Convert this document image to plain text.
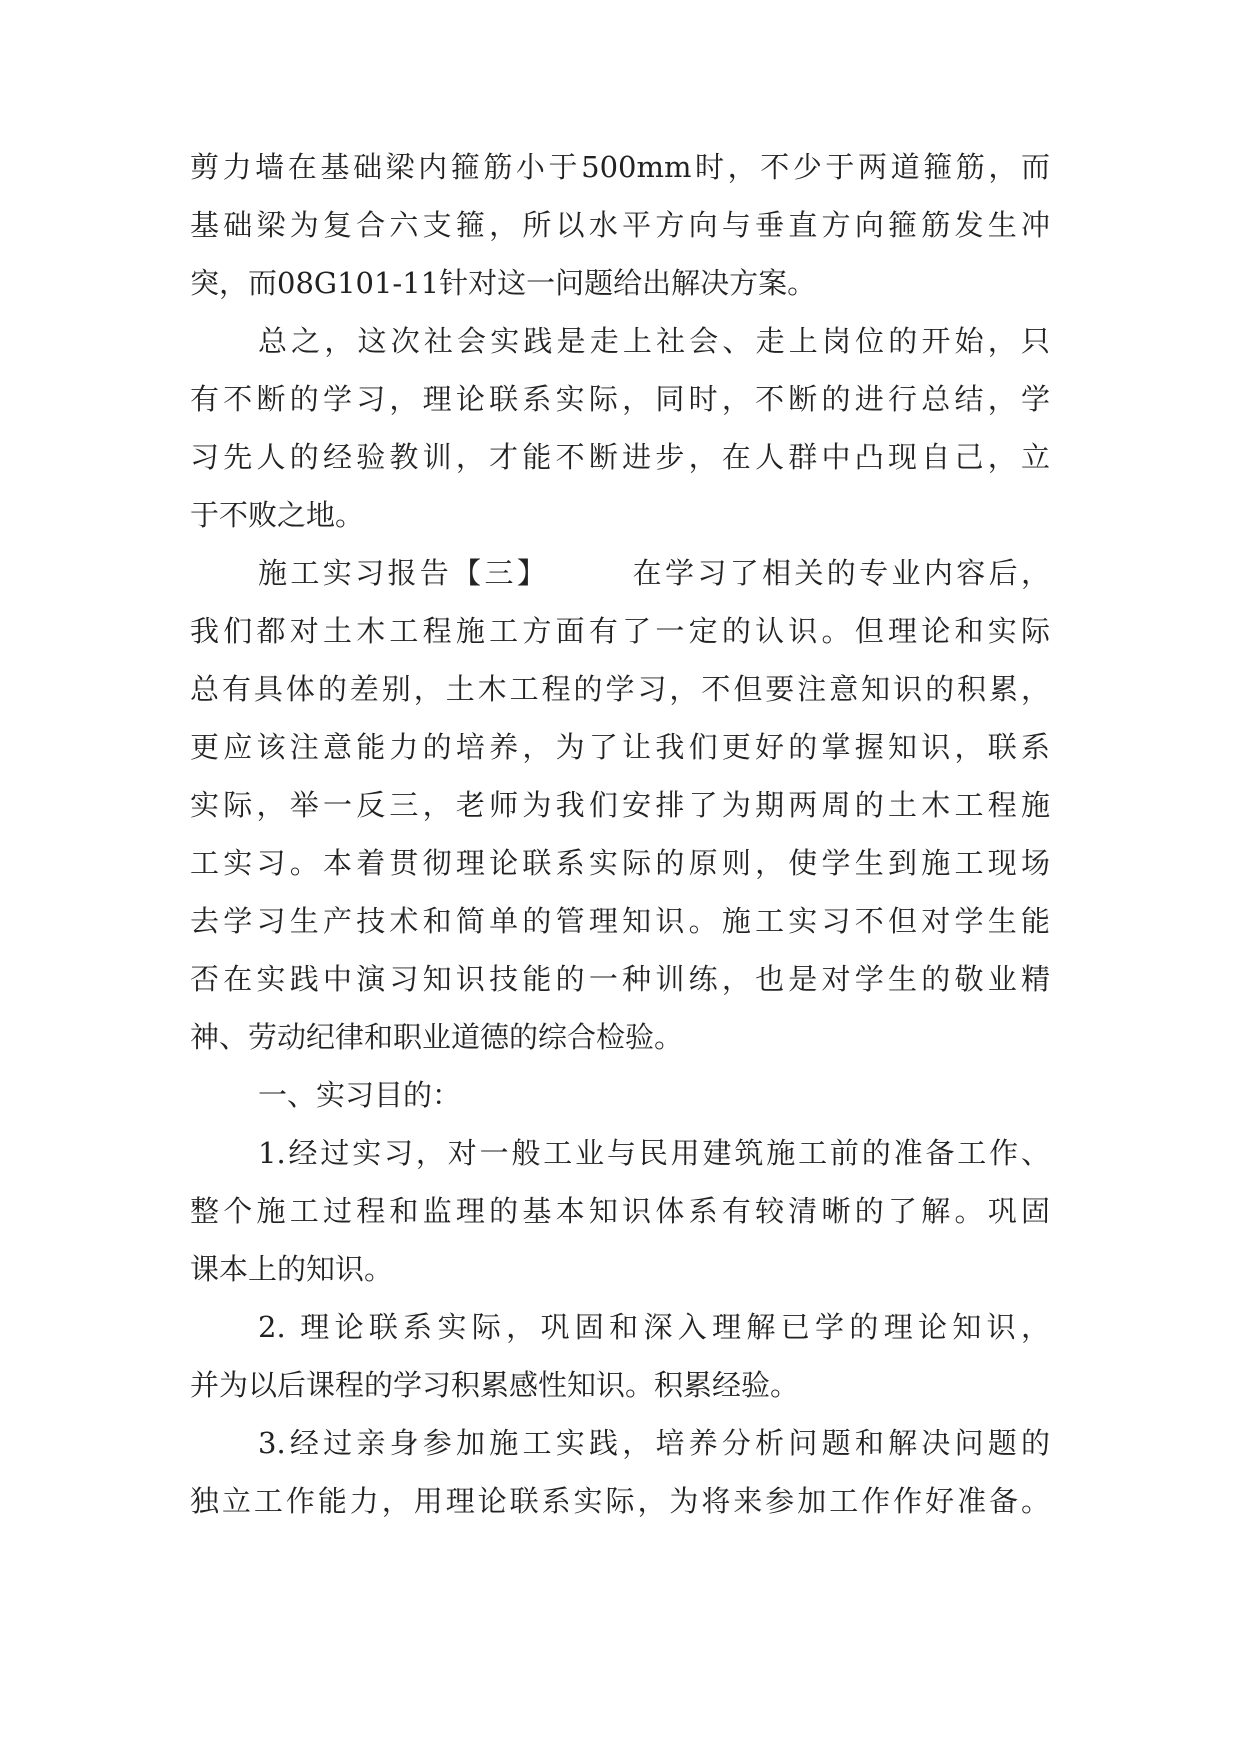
剪力墙在基础梁内箍筋小于500mm时，不少于两道箍筋，而
基础梁为复合六支箍，所以水平方向与垂直方向箍筋发生冲
突，而08G101-11针对这一问题给出解决方案。
总之，这次社会实践是走上社会、走上岗位的开始，只
有不断的学习，理论联系实际，同时，不断的进行总结，学
习先人的经验教训，才能不断进步，在人群中凸现自己，立
于不败之地。
施工实习报告【三】	在学习了相关的专业内容后，
我们都对土木工程施工方面有了一定的认识。但理论和实际
总有具体的差别，土木工程的学习，不但要注意知识的积累，
更应该注意能力的培养，为了让我们更好的掌握知识，联系
实际，举一反三，老师为我们安排了为期两周的土木工程施
工实习。本着贯彻理论联系实际的原则，使学生到施工现场
去学习生产技术和简单的管理知识。施工实习不但对学生能
否在实践中演习知识技能的一种训练，也是对学生的敬业精
神、劳动纪律和职业道德的综合检验。
一、实习目的：
1.经过实习，对一般工业与民用建筑施工前的准备工作、
整个施工过程和监理的基本知识体系有较清晰的了解。巩固
课本上的知识。
2. 理论联系实际，巩固和深入理解已学的理论知识，
并为以后课程的学习积累感性知识。积累经验。
3.经过亲身参加施工实践，培养分析问题和解决问题的
独立工作能力，用理论联系实际，为将来参加工作作好准备。
